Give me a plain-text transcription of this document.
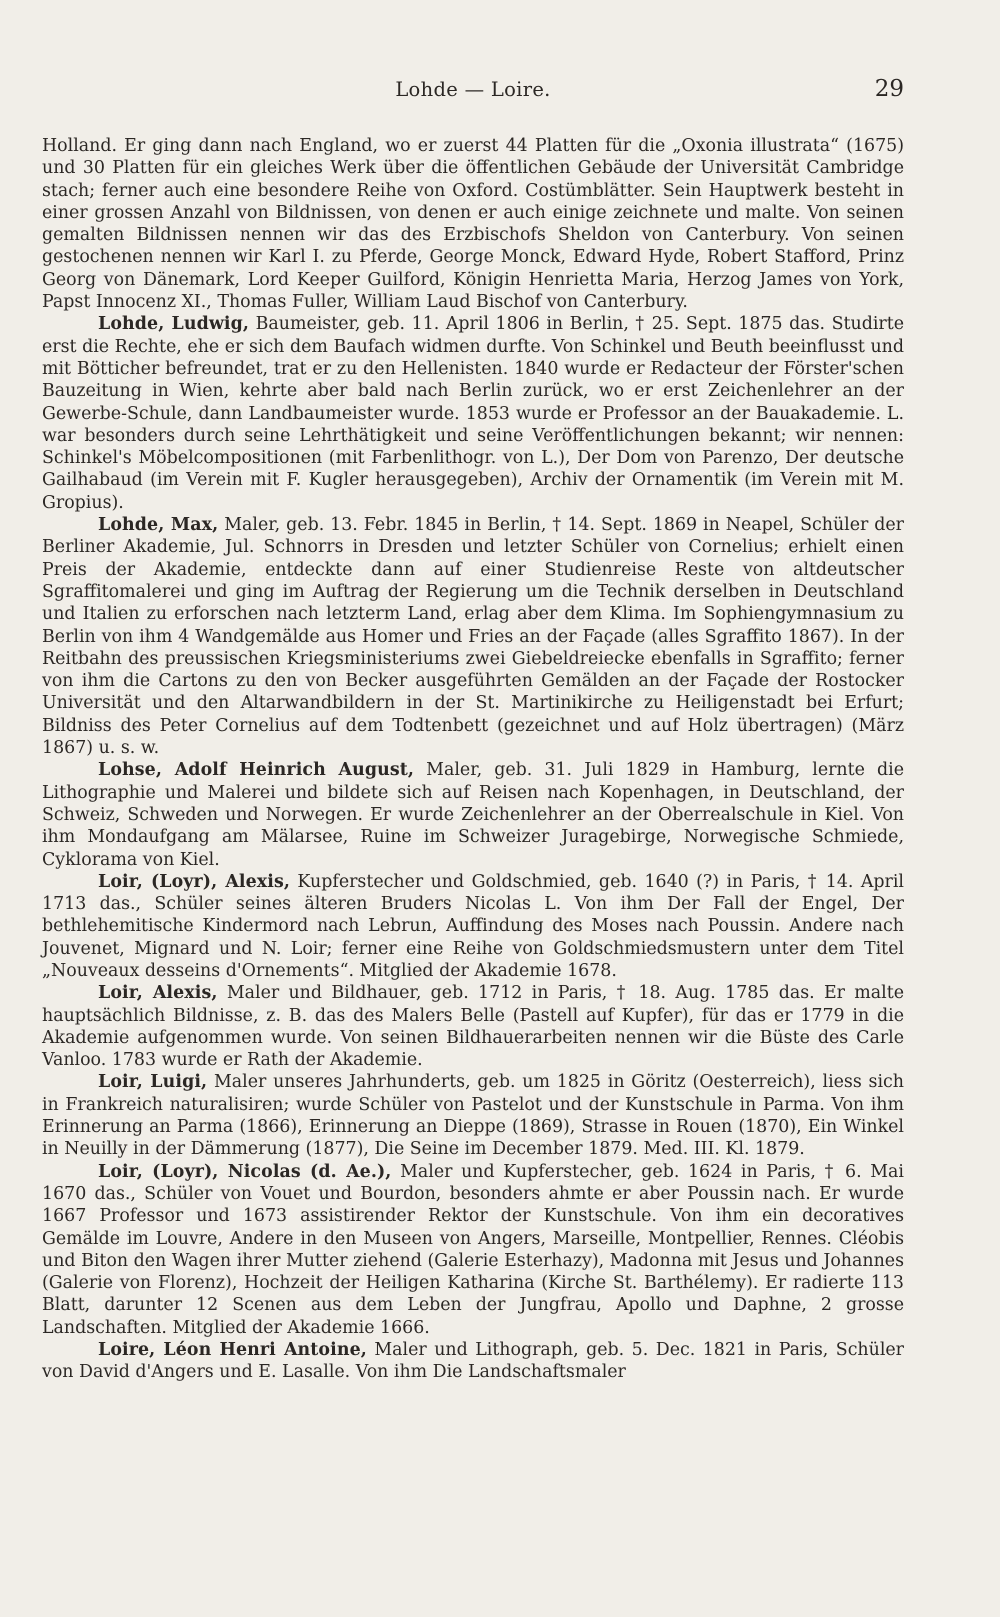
Lohde — Loire.	29

Holland. Er ging dann nach England, wo er zuerst 44 Platten für die „Oxonia illustrata“ (1675) und 30 Platten für ein gleiches Werk über die öffentlichen Gebäude der Universität Cambridge stach; ferner auch eine besondere Reihe von Oxford. Costümblätter. Sein Hauptwerk besteht in einer grossen Anzahl von Bildnissen, von denen er auch einige zeichnete und malte. Von seinen gemalten Bildnissen nennen wir das des Erzbischofs Sheldon von Canterbury. Von seinen gestochenen nennen wir Karl I. zu Pferde, George Monck, Edward Hyde, Robert Stafford, Prinz Georg von Dänemark, Lord Keeper Guilford, Königin Henrietta Maria, Herzog James von York, Papst Innocenz XI., Thomas Fuller, William Laud Bischof von Canterbury.

Lohde, Ludwig, Baumeister, geb. 11. April 1806 in Berlin, † 25. Sept. 1875 das. Studirte erst die Rechte, ehe er sich dem Baufach widmen durfte. Von Schinkel und Beuth beeinflusst und mit Bötticher befreundet, trat er zu den Hellenisten. 1840 wurde er Redacteur der Förster'schen Bauzeitung in Wien, kehrte aber bald nach Berlin zurück, wo er erst Zeichenlehrer an der Gewerbe-Schule, dann Landbaumeister wurde. 1853 wurde er Professor an der Bauakademie. L. war besonders durch seine Lehrthätigkeit und seine Veröffentlichungen bekannt; wir nennen: Schinkel's Möbelcompositionen (mit Farbenlithogr. von L.), Der Dom von Parenzo, Der deutsche Gailhabaud (im Verein mit F. Kugler herausgegeben), Archiv der Ornamentik (im Verein mit M. Gropius).

Lohde, Max, Maler, geb. 13. Febr. 1845 in Berlin, † 14. Sept. 1869 in Neapel, Schüler der Berliner Akademie, Jul. Schnorrs in Dresden und letzter Schüler von Cornelius; erhielt einen Preis der Akademie, entdeckte dann auf einer Studienreise Reste von altdeutscher Sgraffitomalerei und ging im Auftrag der Regierung um die Technik derselben in Deutschland und Italien zu erforschen nach letzterm Land, erlag aber dem Klima. Im Sophiengymnasium zu Berlin von ihm 4 Wandgemälde aus Homer und Fries an der Façade (alles Sgraffito 1867). In der Reitbahn des preussischen Kriegsministeriums zwei Giebeldreiecke ebenfalls in Sgraffito; ferner von ihm die Cartons zu den von Becker ausgeführten Gemälden an der Façade der Rostocker Universität und den Altarwandbildern in der St. Martinikirche zu Heiligenstadt bei Erfurt; Bildniss des Peter Cornelius auf dem Todtenbett (gezeichnet und auf Holz übertragen) (März 1867) u. s. w.

Lohse, Adolf Heinrich August, Maler, geb. 31. Juli 1829 in Hamburg, lernte die Lithographie und Malerei und bildete sich auf Reisen nach Kopenhagen, in Deutschland, der Schweiz, Schweden und Norwegen. Er wurde Zeichenlehrer an der Oberrealschule in Kiel. Von ihm Mondaufgang am Mälarsee, Ruine im Schweizer Juragebirge, Norwegische Schmiede, Cyklorama von Kiel.

Loir, (Loyr), Alexis, Kupferstecher und Goldschmied, geb. 1640 (?) in Paris, † 14. April 1713 das., Schüler seines älteren Bruders Nicolas L. Von ihm Der Fall der Engel, Der bethlehemitische Kindermord nach Lebrun, Auffindung des Moses nach Poussin. Andere nach Jouvenet, Mignard und N. Loir; ferner eine Reihe von Goldschmiedsmustern unter dem Titel „Nouveaux desseins d'Ornements“. Mitglied der Akademie 1678.

Loir, Alexis, Maler und Bildhauer, geb. 1712 in Paris, † 18. Aug. 1785 das. Er malte hauptsächlich Bildnisse, z. B. das des Malers Belle (Pastell auf Kupfer), für das er 1779 in die Akademie aufgenommen wurde. Von seinen Bildhauerarbeiten nennen wir die Büste des Carle Vanloo. 1783 wurde er Rath der Akademie.

Loir, Luigi, Maler unseres Jahrhunderts, geb. um 1825 in Göritz (Oesterreich), liess sich in Frankreich naturalisiren; wurde Schüler von Pastelot und der Kunstschule in Parma. Von ihm Erinnerung an Parma (1866), Erinnerung an Dieppe (1869), Strasse in Rouen (1870), Ein Winkel in Neuilly in der Dämmerung (1877), Die Seine im December 1879. Med. III. Kl. 1879.

Loir, (Loyr), Nicolas (d. Ae.), Maler und Kupferstecher, geb. 1624 in Paris, † 6. Mai 1670 das., Schüler von Vouet und Bourdon, besonders ahmte er aber Poussin nach. Er wurde 1667 Professor und 1673 assistirender Rektor der Kunstschule. Von ihm ein decoratives Gemälde im Louvre, Andere in den Museen von Angers, Marseille, Montpellier, Rennes. Cléobis und Biton den Wagen ihrer Mutter ziehend (Galerie Esterhazy), Madonna mit Jesus und Johannes (Galerie von Florenz), Hochzeit der Heiligen Katharina (Kirche St. Barthélemy). Er radierte 113 Blatt, darunter 12 Scenen aus dem Leben der Jungfrau, Apollo und Daphne, 2 grosse Landschaften. Mitglied der Akademie 1666.

Loire, Léon Henri Antoine, Maler und Lithograph, geb. 5. Dec. 1821 in Paris, Schüler von David d'Angers und E. Lasalle. Von ihm Die Landschaftsmaler
